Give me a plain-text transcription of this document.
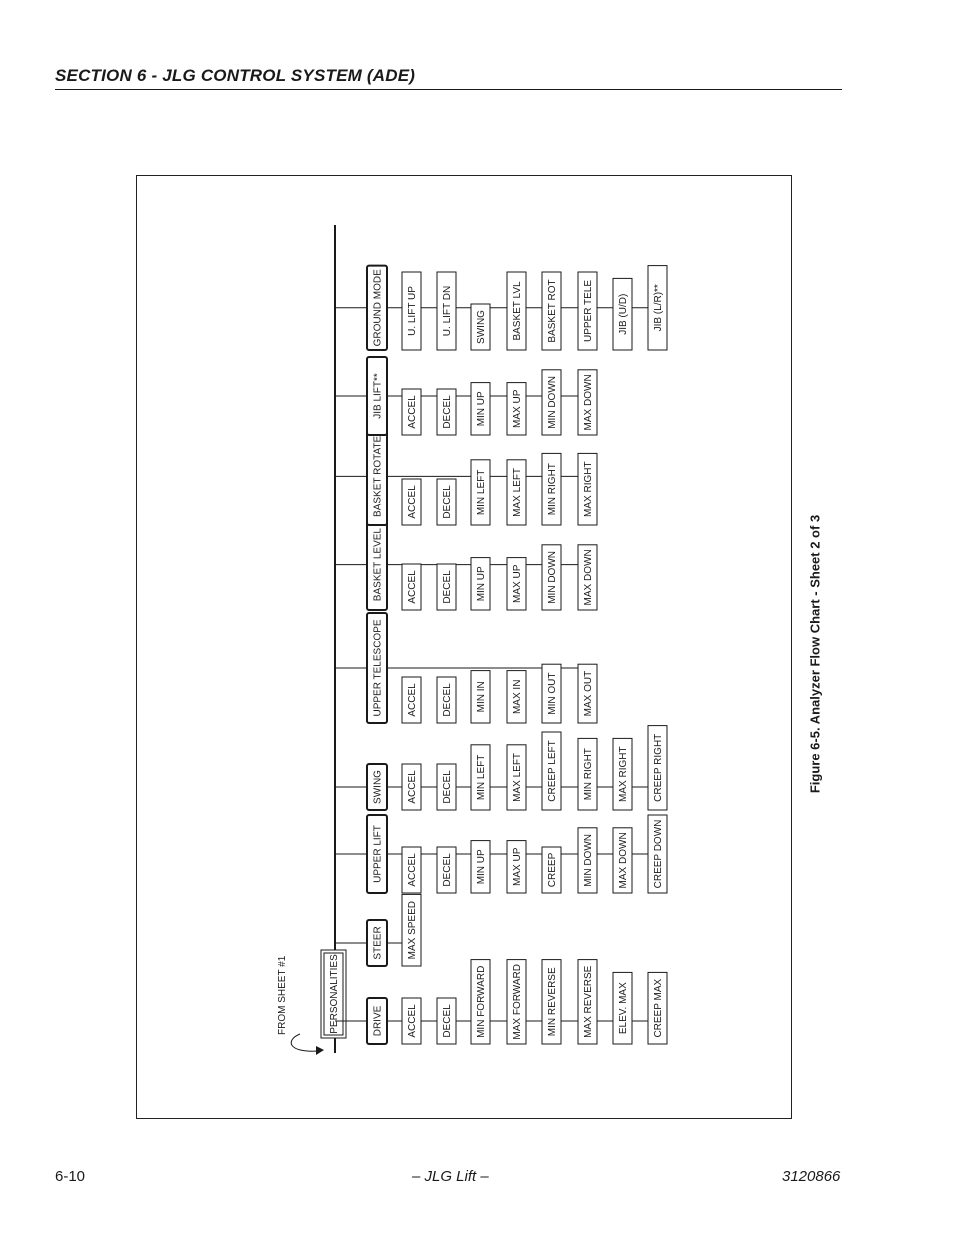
SECTION 6 - JLG CONTROL SYSTEM (ADE)
FROM SHEET #1	PERSONALITIES	DRIVE ACCEL DECEL MIN FORWARD	MAX FORWARD MIN REVERSE	MAX REVERSE ELEV. MAX CREEP MAX
STEER MAX SPEED
UPPER LIFT ACCEL DECEL MIN UP	MAX UP CREEP	MIN DOWN MAX DOWN CREEP DOWN
SWING ACCEL DECEL MIN LEFT	MAX LEFT CREEP LEFT	MIN RIGHT MAX RIGHT CREEP RIGHT
UPPER TELESCOPE ACCEL DECEL MIN IN	MAX IN MIN OUT	MAX OUT
BASKET LEVEL ACCEL DECEL MIN UP	MAX UP MIN DOWN	MAX DOWN
BASKET ROTATE ACCEL DECEL MIN LEFT	MAX LEFT MIN RIGHT	MAX RIGHT
JIB LIFT** ACCEL DECEL MIN UP	MAX UP MIN DOWN	MAX DOWN
GROUND MODE U. LIFT UP U. LIFT DN SWING	BASKET LVL BASKET ROT	UPPER TELE JIB (U/D) JIB (L/R)**
Figure 6-5. Analyzer Flow Chart - Sheet 2 of 3
6-10	– JLG Lift –	3120866
